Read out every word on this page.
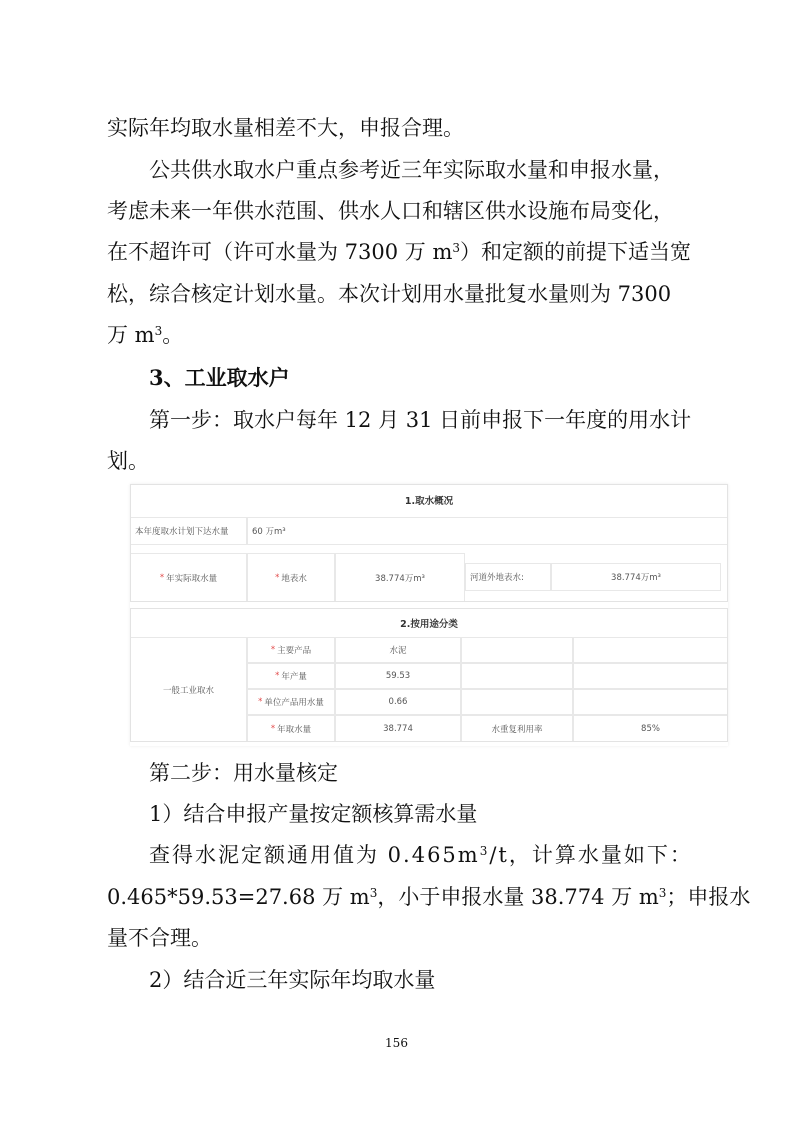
实际年均取水量相差不大，申报合理。
公共供水取水户重点参考近三年实际取水量和申报水量，
考虑未来一年供水范围、供水人口和辖区供水设施布局变化，
在不超许可（许可水量为 7300 万 $m^3$）和定额的前提下适当宽
松，综合核定计划水量。本次计划用水量批复水量则为 7300
万 $m^3$。
3、工业取水户
第一步：取水户每年 12 月 31 日前申报下一年度的用水计
划。
1.取水概况
本年度取水计划下达水量	60 万m³
* 年实际取水量	* 地表水	38.774万m³	河道外地表水:	38.774万m³
2.按用途分类
一般工业取水
* 主要产品	水泥
* 年产量	59.53
* 单位产品用水量	0.66
* 年取水量	38.774	水重复利用率	85%
第二步：用水量核定
1）结合申报产量按定额核算需水量
查得水泥定额通用值为 $0.465m^3/t$，计算水量如下：
0.465*59.53=27.68 万 $m^3$，小于申报水量 38.774 万 $m^3$；申报水
量不合理。
2）结合近三年实际年均取水量
156
